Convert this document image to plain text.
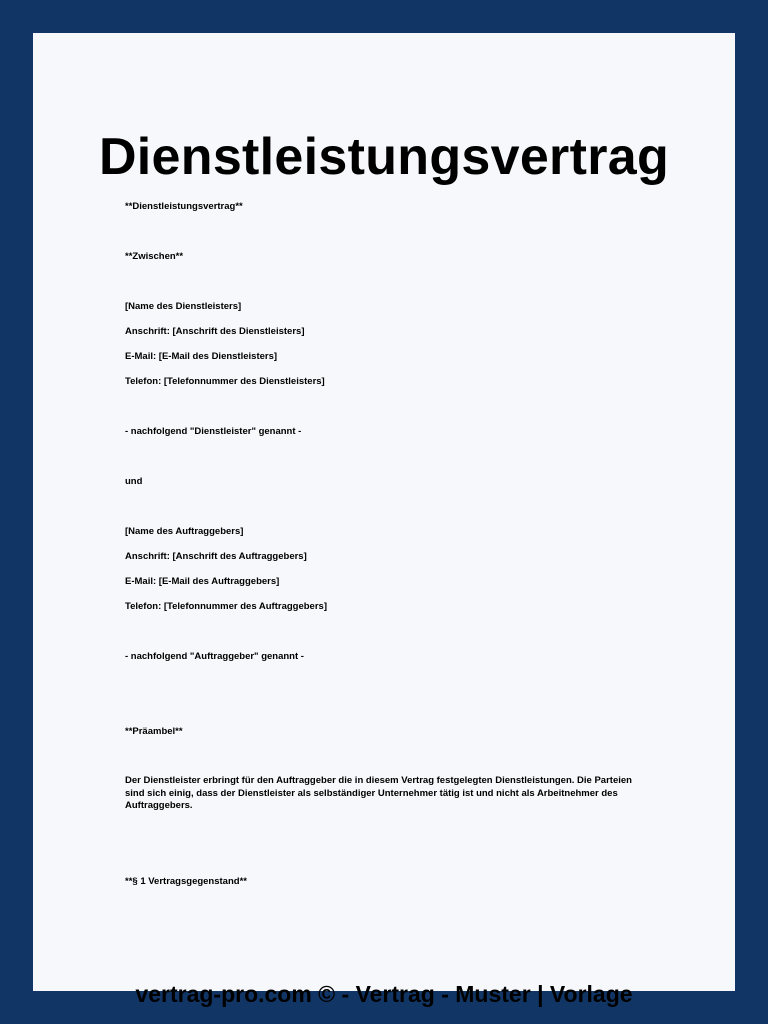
Dienstleistungsvertrag
**Dienstleistungsvertrag**
**Zwischen**
[Name des Dienstleisters]
Anschrift: [Anschrift des Dienstleisters]
E-Mail: [E-Mail des Dienstleisters]
Telefon: [Telefonnummer des Dienstleisters]
- nachfolgend "Dienstleister" genannt -
und
[Name des Auftraggebers]
Anschrift: [Anschrift des Auftraggebers]
E-Mail: [E-Mail des Auftraggebers]
Telefon: [Telefonnummer des Auftraggebers]
- nachfolgend "Auftraggeber" genannt -
**Präambel**
Der Dienstleister erbringt für den Auftraggeber die in diesem Vertrag festgelegten Dienstleistungen. Die Parteien sind sich einig, dass der Dienstleister als selbständiger Unternehmer tätig ist und nicht als Arbeitnehmer des Auftraggebers.
**§ 1 Vertragsgegenstand**
vertrag-pro.com © - Vertrag - Muster | Vorlage
